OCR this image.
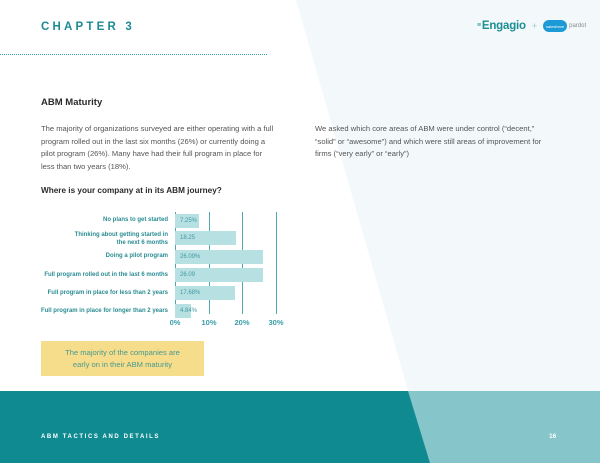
CHAPTER 3	≡Engagio + salesforce pardot
ABM Maturity
The majority of organizations surveyed are either operating with a full program rolled out in the last six months (26%) or currently doing a pilot program (26%). Many have had their full program in place for less than two years (18%).
We asked which core areas of ABM were under control (“decent,” “solid” or “awesome”) and which were still areas of improvement for firms (“very early” or “early”)
Where is your company at in its ABM journey?
No plans to get started 7.25%
Thinking about getting started in the next 6 months
18.25
Doing a pilot program 26.09%
Full program rolled out in the last 6 months 26.09
Full program in place for less than 2 years 17.68%
Full program in place for longer than 2 years 4.84%
0%	10% 20%	30%
The majority of the companies are early on in their ABM maturity
ABM TACTICS AND DETAILS	16
